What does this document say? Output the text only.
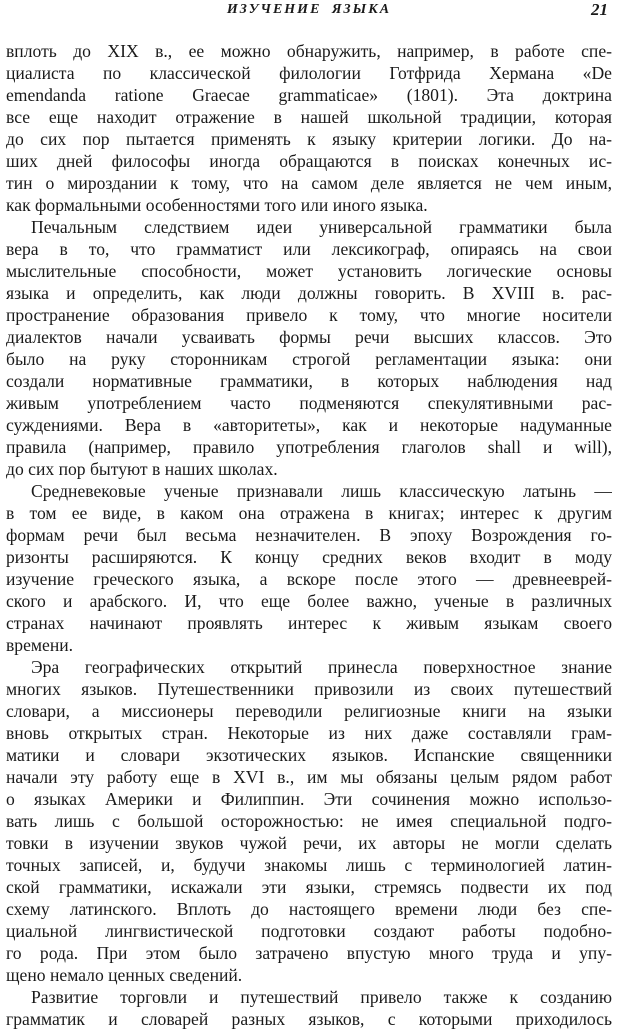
ИЗУЧЕНИЕ ЯЗЫКА	21
вплоть до XIX в., ее можно обнаружить, например, в работе спе-
циалиста по классической филологии Готфрида Хермана «De
emendanda ratione Graecae grammaticae» (1801). Эта доктрина
все еще находит отражение в нашей школьной традиции, которая
до сих пор пытается применять к языку критерии логики. До на-
ших дней философы иногда обращаются в поисках конечных ис-
тин о мироздании к тому, что на самом деле является не чем иным,
как формальными особенностями того или иного языка.
Печальным следствием идеи универсальной грамматики была
вера в то, что грамматист или лексикограф, опираясь на свои
мыслительные способности, может установить логические основы
языка и определить, как люди должны говорить. В XVIII в. рас-
пространение образования привело к тому, что многие носители
диалектов начали усваивать формы речи высших классов. Это
было на руку сторонникам строгой регламентации языка: они
создали нормативные грамматики, в которых наблюдения над
живым употреблением часто подменяются спекулятивными рас-
суждениями. Вера в «авторитеты», как и некоторые надуманные
правила (например, правило употребления глаголов shall и will),
до сих пор бытуют в наших школах.
Средневековые ученые признавали лишь классическую латынь —
в том ее виде, в каком она отражена в книгах; интерес к другим
формам речи был весьма незначителен. В эпоху Возрождения го-
ризонты расширяются. К концу средних веков входит в моду
изучение греческого языка, а вскоре после этого — древнееврей-
ского и арабского. И, что еще более важно, ученые в различных
странах начинают проявлять интерес к живым языкам своего
времени.
Эра географических открытий принесла поверхностное знание
многих языков. Путешественники привозили из своих путешествий
словари, а миссионеры переводили религиозные книги на языки
вновь открытых стран. Некоторые из них даже составляли грам-
матики и словари экзотических языков. Испанские священники
начали эту работу еще в XVI в., им мы обязаны целым рядом работ
о языках Америки и Филиппин. Эти сочинения можно использо-
вать лишь с большой осторожностью: не имея специальной подго-
товки в изучении звуков чужой речи, их авторы не могли сделать
точных записей, и, будучи знакомы лишь с терминологией латин-
ской грамматики, искажали эти языки, стремясь подвести их под
схему латинского. Вплоть до настоящего времени люди без спе-
циальной лингвистической подготовки создают работы подобно-
го рода. При этом было затрачено впустую много труда и упу-
щено немало ценных сведений.
Развитие торговли и путешествий привело также к созданию
грамматик и словарей разных языков, с которыми приходилось
